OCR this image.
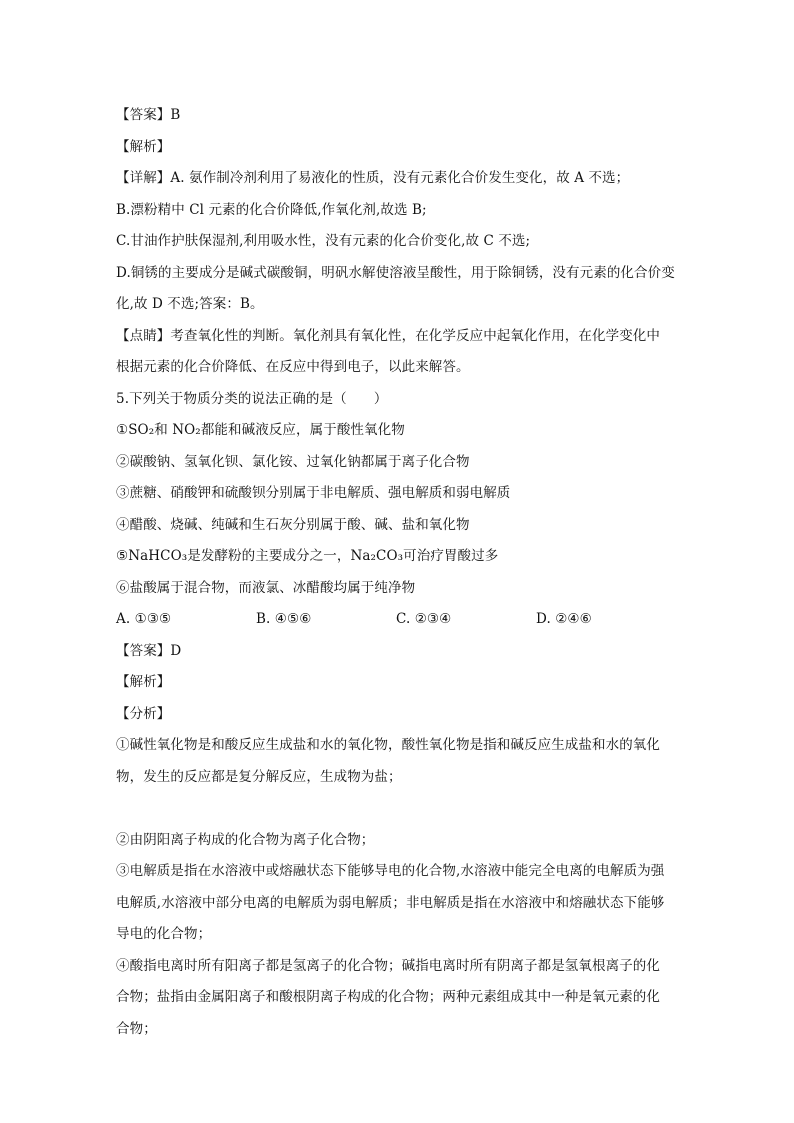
【答案】B
【解析】
【详解】A. 氨作制冷剂利用了易液化的性质，没有元素化合价发生变化，故 A 不选；
B.漂粉精中 Cl 元素的化合价降低,作氧化剂,故选 B;
C.甘油作护肤保湿剂,利用吸水性，没有元素的化合价变化,故 C 不选;
D.铜锈的主要成分是碱式碳酸铜，明矾水解使溶液呈酸性，用于除铜锈，没有元素的化合价变
化,故 D 不选;答案：B。
【点睛】考查氧化性的判断。氧化剂具有氧化性，在化学反应中起氧化作用，在化学变化中
根据元素的化合价降低、在反应中得到电子，以此来解答。
5.下列关于物质分类的说法正确的是（　　）
①SO₂和 NO₂都能和碱液反应，属于酸性氧化物
②碳酸钠、氢氧化钡、氯化铵、过氧化钠都属于离子化合物
③蔗糖、硝酸钾和硫酸钡分别属于非电解质、强电解质和弱电解质
④醋酸、烧碱、纯碱和生石灰分别属于酸、碱、盐和氧化物
⑤NaHCO₃是发酵粉的主要成分之一，Na₂CO₃可治疗胃酸过多
⑥盐酸属于混合物，而液氯、冰醋酸均属于纯净物
A. ①③⑤	B. ④⑤⑥	C. ②③④	D. ②④⑥
【答案】D
【解析】
【分析】
①碱性氧化物是和酸反应生成盐和水的氧化物，酸性氧化物是指和碱反应生成盐和水的氧化
物，发生的反应都是复分解反应，生成物为盐；
②由阴阳离子构成的化合物为离子化合物；
③电解质是指在水溶液中或熔融状态下能够导电的化合物,水溶液中能完全电离的电解质为强
电解质,水溶液中部分电离的电解质为弱电解质；非电解质是指在水溶液中和熔融状态下能够
导电的化合物；
④酸指电离时所有阳离子都是氢离子的化合物；碱指电离时所有阴离子都是氢氧根离子的化
合物；盐指由金属阳离子和酸根阴离子构成的化合物；两种元素组成其中一种是氧元素的化
合物；
